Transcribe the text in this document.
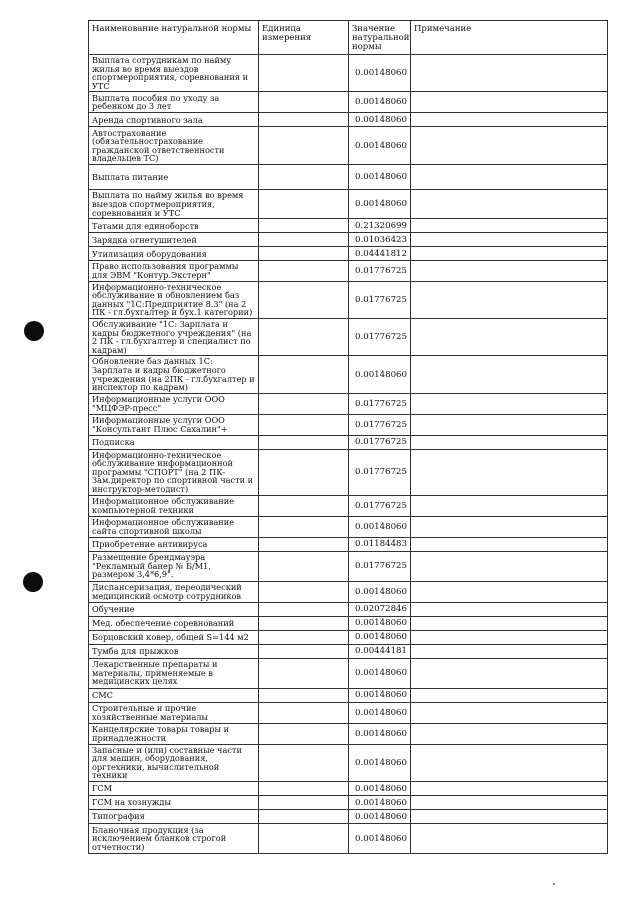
Наименование натуральной нормы	Единица измерения	Значение натуральной нормы	Примечание
Выплата сотрудникам по найму жилья во время выездов спортмероприятия, соревнования и УТС		0.00148060	
Выплата пособия по уходу за ребенком до 3 лет		0.00148060	
Аренда спортивного зала		0.00148060	
Автострахование (обязательнострахование гражданской ответственности владельцев ТС)		0.00148060	
Выплата питание		0.00148060	
Выплата по найму жилья во время выездов спортмероприятия, соревнования и УТС		0.00148060	
Татами для единоборств		0.21320699	
Зарядка огнетушителей		0.01036423	
Утилизация оборудования		0.04441812	
Право использования программы для ЭВМ "Контур.Экстерн"		0.01776725	
Информационно-техническое обслуживание и обновлением баз данных "1С:Предприятие 8.3" (на 2 ПК - гл.бухгалтер и бух.1 категории)		0.01776725	
Обслуживание "1С: Зарплата и кадры бюджетного учреждения" (на 2 ПК - гл.бухгалтер и специалист по кадрам)		0.01776725	
Обновление баз данных 1С: Зарплата и кадры бюджетного учреждения (на 2ПК - гл.бухгалтер и инспектор по кадрам)		0.00148060	
Информационные услуги ООО "МЦФЭР-пресс"		0.01776725	
Информационные услуги ООО "Консультант Плюс Сахалин"+		0.01776725	
Подписка		0.01776725	
Информационно-техническое обслуживание информационной программы "СПОРТ" (на 2 ПК- Зам.директор по спортивной части и инструктор-методист)		0.01776725	
Информационное обслуживание компьютерной техники		0.01776725	
Информационное обслуживание сайта спортивной школы		0.00148060	
Приобретение антивируса		0.01184483	
Размещение брендмауэра "Рекламный банер № Б/М1, размером 3,4*6,9".		0.01776725	
Диспансеризация, переодический медицинский осмотр сотрудников		0.00148060	
Обучение		0.02072846	
Мед. обеспечение соревнований		0.00148060	
Борцовский ковер, общей S=144 м2		0.00148060	
Тумба для прыжков		0.00444181	
Лекарственные препараты и материалы, применяемые в медицинских целях		0.00148060	
СМС		0.00148060	
Строительные и прочие хозяйственные материалы		0.00148060	
Канцелярские товары товары и принадлежности		0.00148060	
Запасные и (или) составные части для машин, оборудования, оргтехники, вычислительной техники		0.00148060	
ГСМ		0.00148060	
ГСМ на хознужды		0.00148060	
Типография		0.00148060	
Бланочная продукция (за исключением бланков строгой отчетности)		0.00148060	
